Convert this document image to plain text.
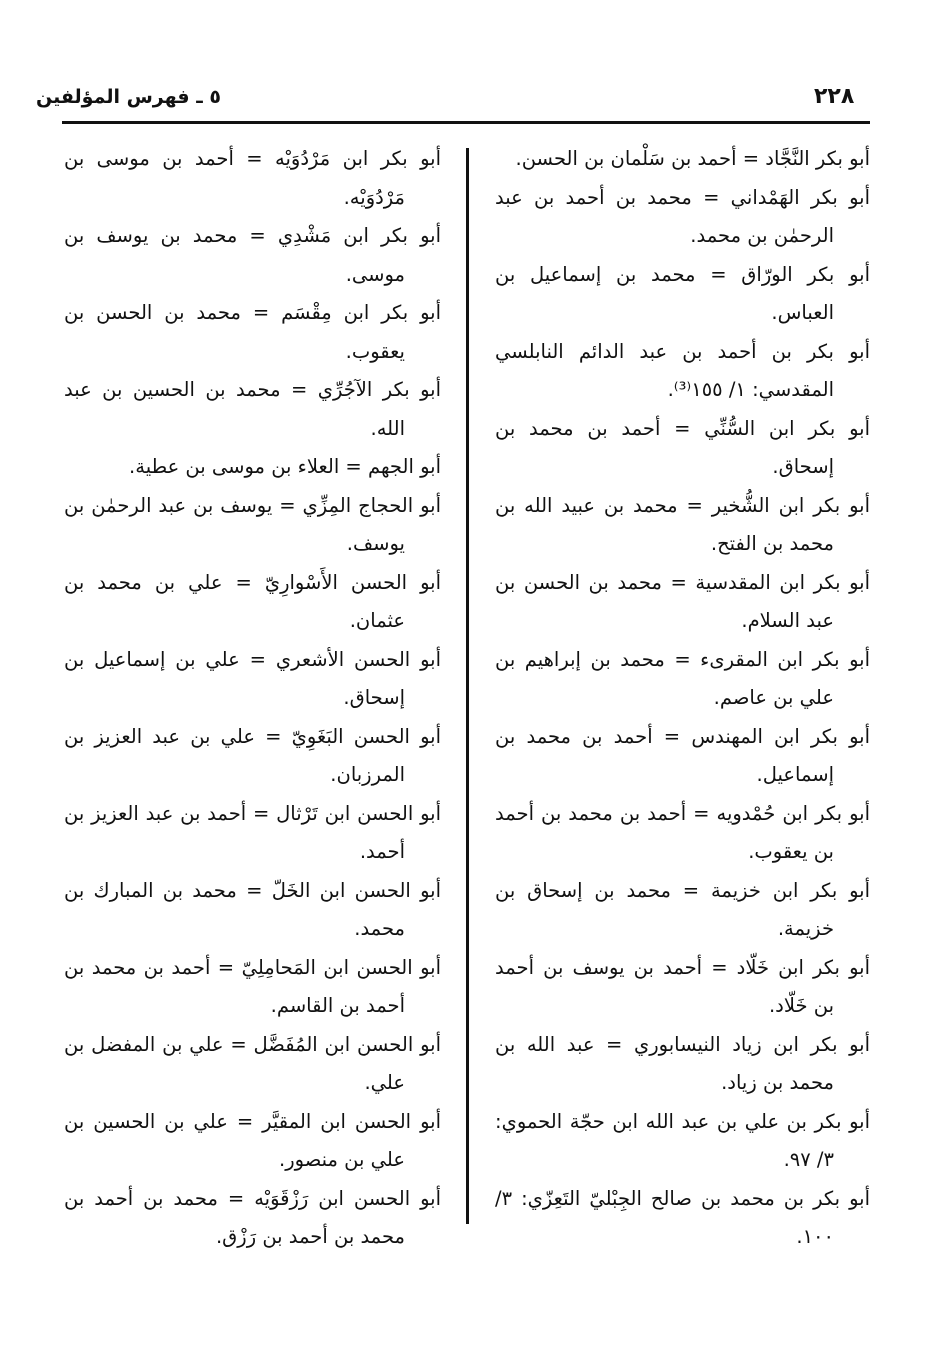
٢٢٨
٥ ـ فهرس المؤلفين

أبو بكر النَّجَّاد = أحمد بن سَلْمان بن الحسن.

أبو بكر الهَمْداني = محمد بن أحمد بن عبد الرحمٰن بن محمد.

أبو بكر الورّاق = محمد بن إسماعيل بن العباس.

أبو بكر بن أحمد بن عبد الدائم النابلسي المقدسي: ١/ ١٥٥⁽³⁾.

أبو بكر ابن السُّنِّي = أحمد بن محمد بن إسحاق.

أبو بكر ابن الشُّخير = محمد بن عبيد الله بن محمد بن الفتح.

أبو بكر ابن المقدسية = محمد بن الحسن بن عبد السلام.

أبو بكر ابن المقرىء = محمد بن إبراهيم بن علي بن عاصم.

أبو بكر ابن المهندس = أحمد بن محمد بن إسماعيل.

أبو بكر ابن حُمْدويه = أحمد بن محمد بن أحمد بن يعقوب.

أبو بكر ابن خزيمة = محمد بن إسحاق بن خزيمة.

أبو بكر ابن خَلّاد = أحمد بن يوسف بن أحمد بن خَلّاد.

أبو بكر ابن زياد النيسابوري = عبد الله بن محمد بن زياد.

أبو بكر بن علي بن عبد الله ابن حجّة الحموي: ٣/ ٩٧.

أبو بكر بن محمد بن صالح الجِبْليّ التَعِزّي: ٣/ ١٠٠.

أبو بكر ابن مَرْدُوَيْه = أحمد بن موسى بن مَرْدُوَيْه.

أبو بكر ابن مَشْدِي = محمد بن يوسف بن موسى.

أبو بكر ابن مِقْسَم = محمد بن الحسن بن يعقوب.

أبو بكر الآجُرِّي = محمد بن الحسين بن عبد الله.

أبو الجهم = العلاء بن موسى بن عطية.

أبو الحجاج المِزِّي = يوسف بن عبد الرحمٰن بن يوسف.

أبو الحسن الأَسْوارِيّ = علي بن محمد بن عثمان.

أبو الحسن الأشعري = علي بن إسماعيل بن إسحاق.

أبو الحسن البَغَوِيّ = علي بن عبد العزيز بن المرزبان.

أبو الحسن ابن تَرْثال = أحمد بن عبد العزيز بن أحمد.

أبو الحسن ابن الخَلّ = محمد بن المبارك بن محمد.

أبو الحسن ابن المَحامِلِيّ = أحمد بن محمد بن أحمد بن القاسم.

أبو الحسن ابن المُفَضَّل = علي بن المفضل بن علي.

أبو الحسن ابن المقيَّر = علي بن الحسين بن علي بن منصور.

أبو الحسن ابن رَزْقَوَيْه = محمد بن أحمد بن محمد بن أحمد بن رَزْق.
